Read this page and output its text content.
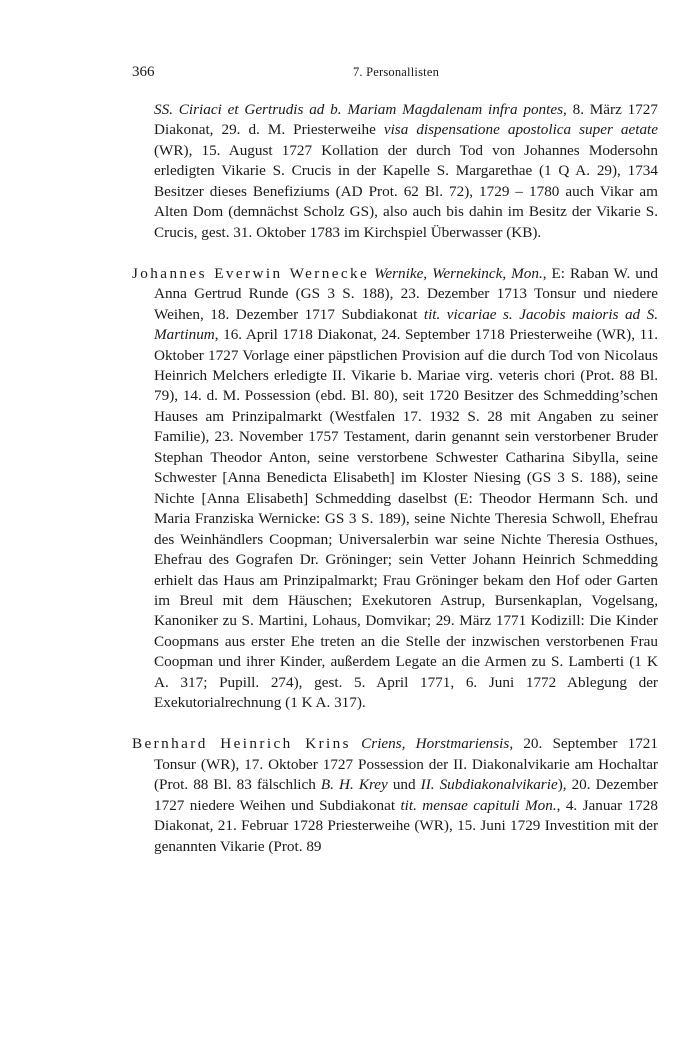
366	7. Personallisten

SS. Ciriaci et Gertrudis ad b. Mariam Magdalenam infra pontes, 8. März 1727 Diakonat, 29. d. M. Priesterweihe visa dispensatione apostolica super aetate (WR), 15. August 1727 Kollation der durch Tod von Johannes Modersohn erledigten Vikarie S. Crucis in der Kapelle S. Margarethae (1 Q A. 29), 1734 Besitzer dieses Benefiziums (AD Prot. 62 Bl. 72), 1729 – 1780 auch Vikar am Alten Dom (demnächst Scholz GS), also auch bis dahin im Besitz der Vikarie S. Crucis, gest. 31. Oktober 1783 im Kirchspiel Überwasser (KB).

Johannes Everwin Wernecke Wernike, Wernekinck, Mon., E: Raban W. und Anna Gertrud Runde (GS 3 S. 188), 23. Dezember 1713 Tonsur und niedere Weihen, 18. Dezember 1717 Subdiakonat tit. vicariae s. Jacobis maioris ad S. Martinum, 16. April 1718 Diakonat, 24. September 1718 Priesterweihe (WR), 11. Oktober 1727 Vorlage einer päpstlichen Provision auf die durch Tod von Nicolaus Heinrich Melchers erledigte II. Vikarie b. Mariae virg. veteris chori (Prot. 88 Bl. 79), 14. d. M. Possession (ebd. Bl. 80), seit 1720 Besitzer des Schmedding’schen Hauses am Prinzipalmarkt (Westfalen 17. 1932 S. 28 mit Angaben zu seiner Familie), 23. November 1757 Testament, darin genannt sein verstorbener Bruder Stephan Theodor Anton, seine verstorbene Schwester Catharina Sibylla, seine Schwester [Anna Benedicta Elisabeth] im Kloster Niesing (GS 3 S. 188), seine Nichte [Anna Elisabeth] Schmedding daselbst (E: Theodor Hermann Sch. und Maria Franziska Wernicke: GS 3 S. 189), seine Nichte Theresia Schwoll, Ehefrau des Weinhändlers Coopman; Universalerbin war seine Nichte Theresia Osthues, Ehefrau des Gografen Dr. Gröninger; sein Vetter Johann Heinrich Schmedding erhielt das Haus am Prinzipalmarkt; Frau Gröninger bekam den Hof oder Garten im Breul mit dem Häuschen; Exekutoren Astrup, Bursenkaplan, Vogelsang, Kanoniker zu S. Martini, Lohaus, Domvikar; 29. März 1771 Kodizill: Die Kinder Coopmans aus erster Ehe treten an die Stelle der inzwischen verstorbenen Frau Coopman und ihrer Kinder, außerdem Legate an die Armen zu S. Lamberti (1 K A. 317; Pupill. 274), gest. 5. April 1771, 6. Juni 1772 Ablegung der Exekutorialrechnung (1 K A. 317).

Bernhard Heinrich Krins Criens, Horstmariensis, 20. September 1721 Tonsur (WR), 17. Oktober 1727 Possession der II. Diakonalvikarie am Hochaltar (Prot. 88 Bl. 83 fälschlich B. H. Krey und II. Subdiakonalvikarie), 20. Dezember 1727 niedere Weihen und Subdiakonat tit. mensae capituli Mon., 4. Januar 1728 Diakonat, 21. Februar 1728 Priesterweihe (WR), 15. Juni 1729 Investition mit der genannten Vikarie (Prot. 89
